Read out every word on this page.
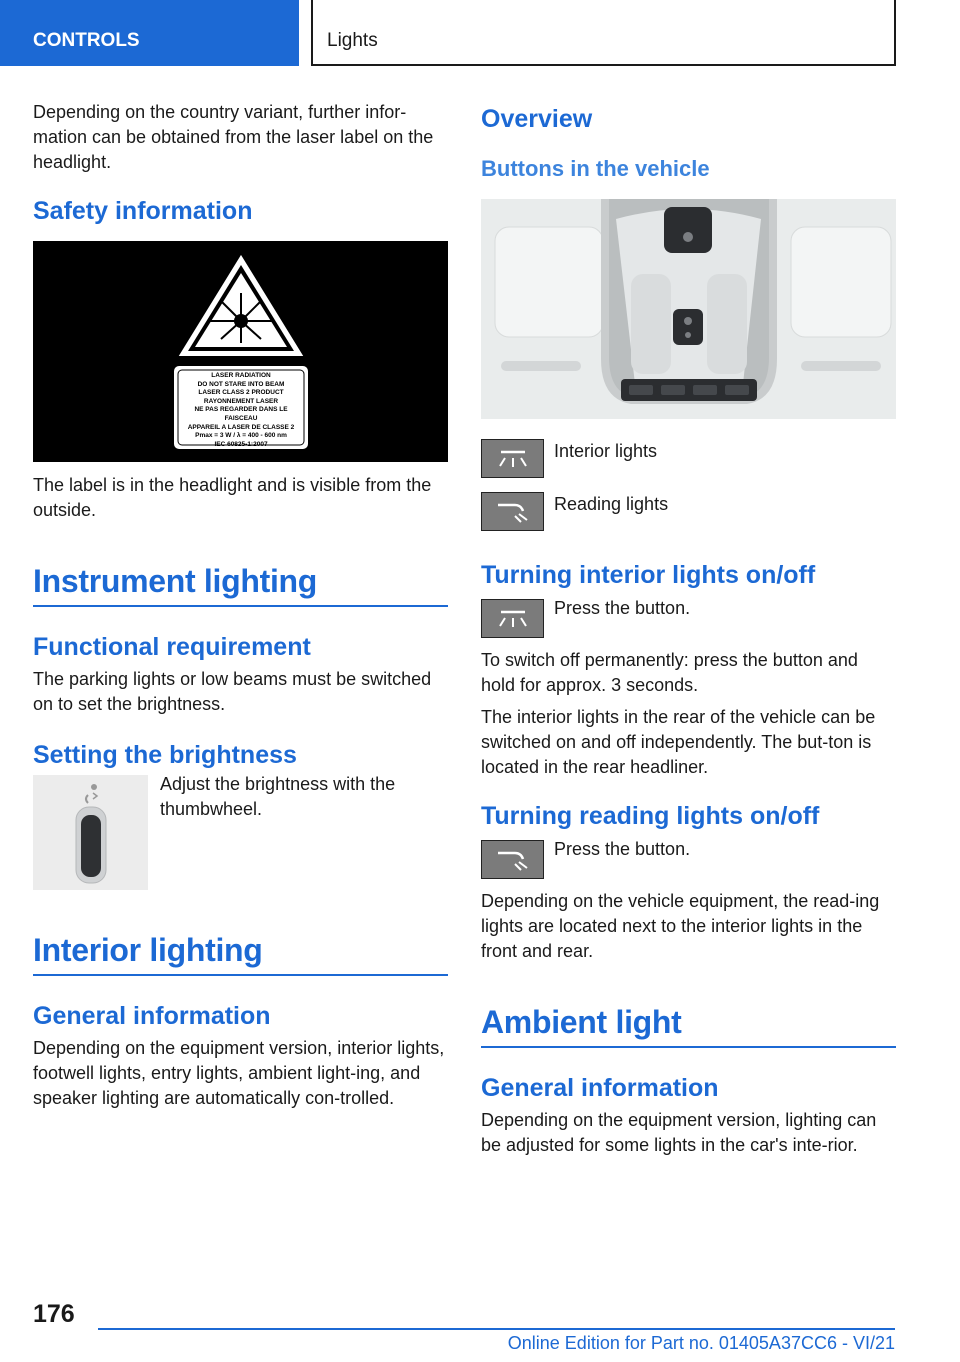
CONTROLS	Lights

Depending on the country variant, further infor-mation can be obtained from the laser label on the headlight.

Safety information
LASER RADIATION
DO NOT STARE INTO BEAM
LASER CLASS 2 PRODUCT
RAYONNEMENT LASER
NE PAS REGARDER DANS LE FAISCEAU
APPAREIL A LASER DE CLASSE 2
Pmax = 3 W / λ = 400 - 600 nm
IEC 60825-1:2007

The label is in the headlight and is visible from the outside.

Instrument lighting
Functional requirement

The parking lights or low beams must be switched on to set the brightness.

Setting the brightness

Adjust the brightness with the thumbwheel.

Interior lighting
General information

Depending on the equipment version, interior lights, footwell lights, entry lights, ambient light-ing, and speaker lighting are automatically con-trolled.

Overview
Buttons in the vehicle
Interior lights
Reading lights
Turning interior lights on/off
Press the button.

To switch off permanently: press the button and hold for approx. 3 seconds.

The interior lights in the rear of the vehicle can be switched on and off independently. The but-ton is located in the rear headliner.

Turning reading lights on/off
Press the button.

Depending on the vehicle equipment, the read-ing lights are located next to the interior lights in the front and rear.

Ambient light
General information

Depending on the equipment version, lighting can be adjusted for some lights in the car's inte-rior.

176
Online Edition for Part no. 01405A37CC6 - VI/21
